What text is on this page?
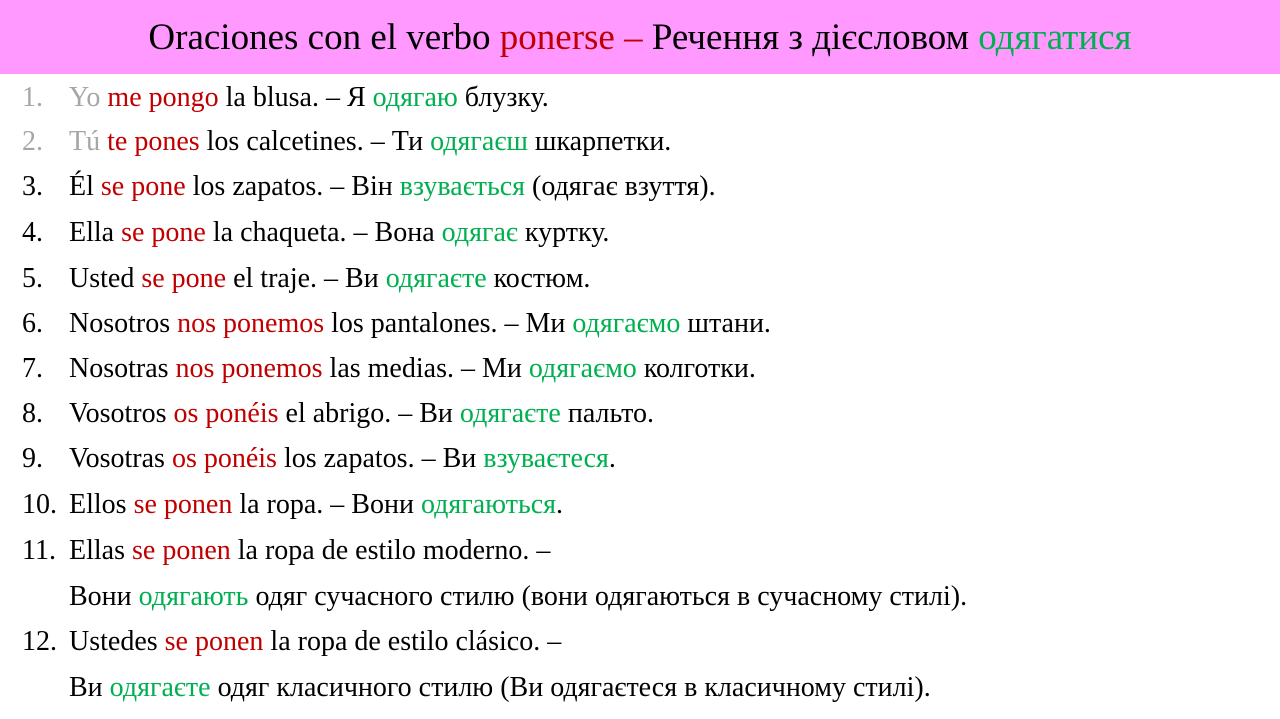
Oraciones con el verbo ponerse – Речення з дієсловом одягатися
1. Yo me pongo la blusa. – Я одягаю блузку.
2. Tú te pones los calcetines. – Ти одягаєш шкарпетки.
3. Él se pone los zapatos. – Він взувається (одягає взуття).
4. Ella se pone la chaqueta. – Вона одягає куртку.
5. Usted se pone el traje. – Ви одягаєте костюм.
6. Nosotros nos ponemos los pantalones. – Ми одягаємо штани.
7. Nosotras nos ponemos las medias. – Ми одягаємо колготки.
8. Vosotros os ponéis el abrigo. – Ви одягаєте пальто.
9. Vosotras os ponéis los zapatos. – Ви взуваєтеся.
10. Ellos se ponen la ropa. – Вони одягаються.
11. Ellas se ponen la ropa de estilo moderno. –
Вони одягають одяг сучасного стилю (вони одягаються в сучасному стилі).
12. Ustedes se ponen la ropa de estilo clásico. –
Ви одягаєте одяг класичного стилю (Ви одягаєтеся в класичному стилі).
